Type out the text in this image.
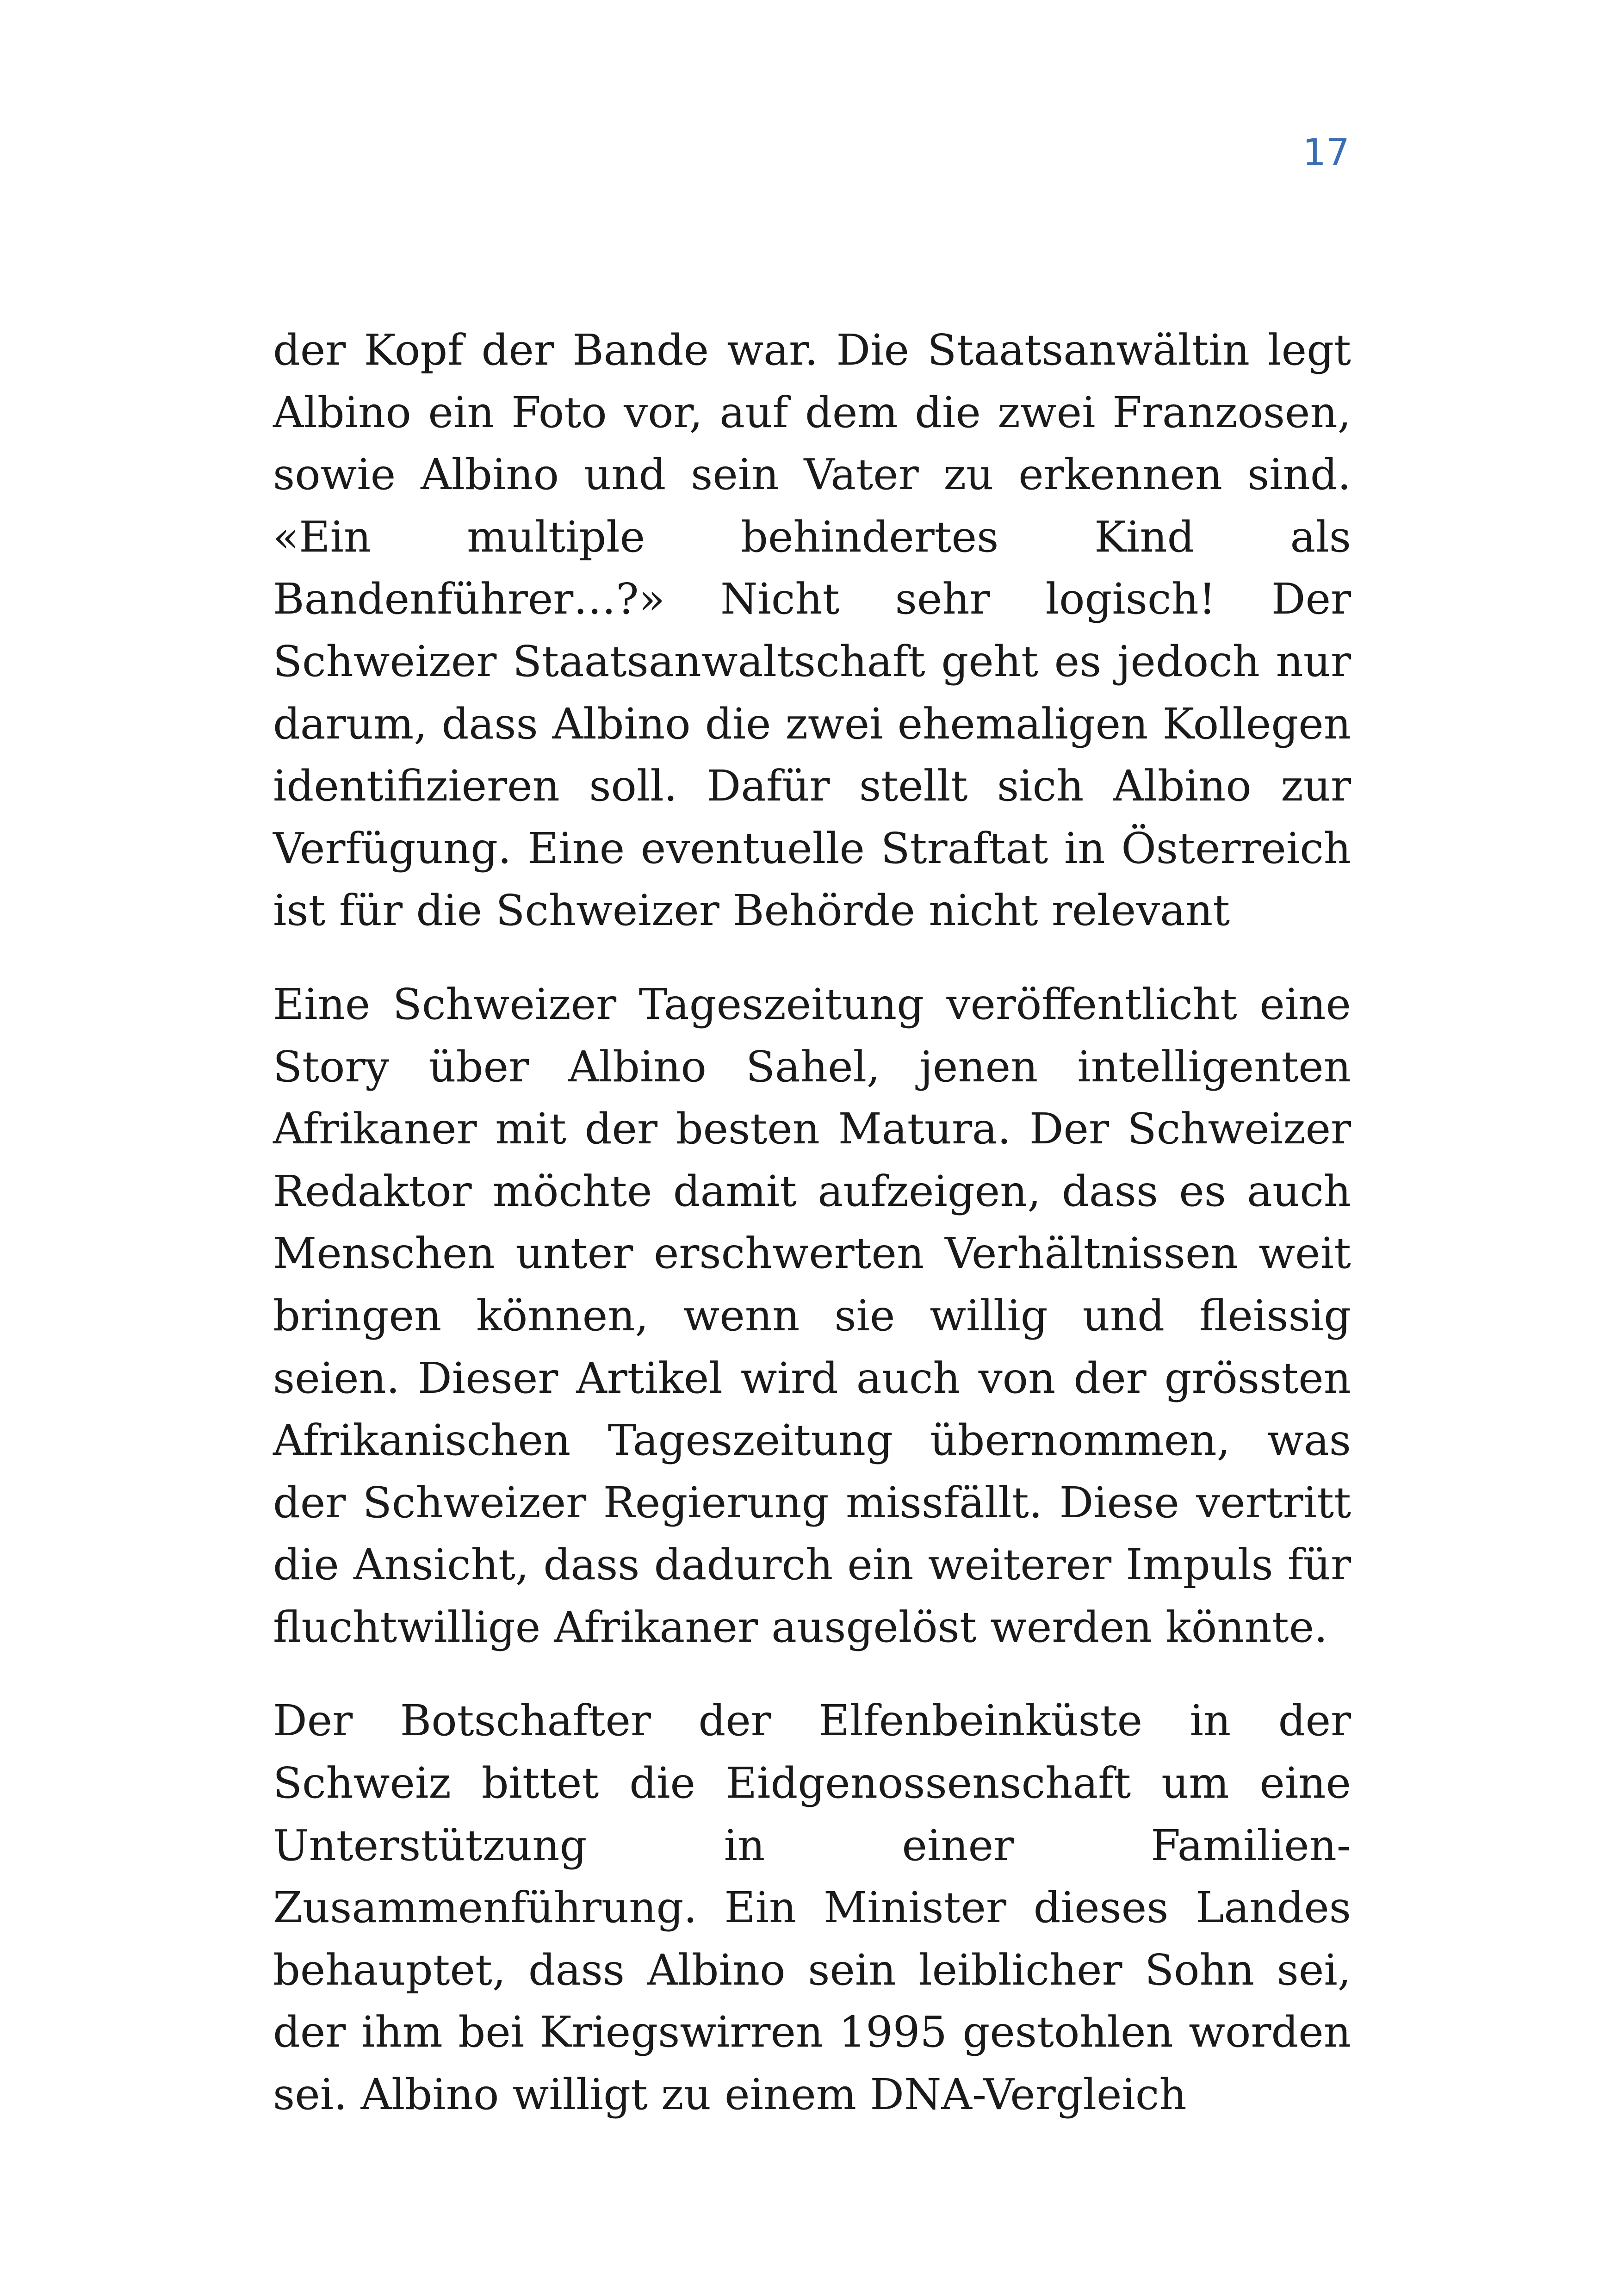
17

der Kopf der Bande war. Die Staatsanwältin legt Albino ein Foto vor, auf dem die zwei Franzosen, sowie Albino und sein Vater zu erkennen sind. «Ein multiple behindertes Kind als Bandenführer…?» Nicht sehr logisch! Der Schweizer Staatsanwaltschaft geht es jedoch nur darum, dass Albino die zwei ehemaligen Kollegen identifizieren soll. Dafür stellt sich Albino zur Verfügung. Eine eventuelle Straftat in Österreich ist für die Schweizer Behörde nicht relevant

Eine Schweizer Tageszeitung veröffentlicht eine Story über Albino Sahel, jenen intelligenten Afrikaner mit der besten Matura. Der Schweizer Redaktor möchte damit aufzeigen, dass es auch Menschen unter erschwerten Verhältnissen weit bringen können, wenn sie willig und fleissig seien. Dieser Artikel wird auch von der grössten Afrikanischen Tageszeitung übernommen, was der Schweizer Regierung missfällt. Diese vertritt die Ansicht, dass dadurch ein weiterer Impuls für fluchtwillige Afrikaner ausgelöst werden könnte.

Der Botschafter der Elfenbeinküste in der Schweiz bittet die Eidgenossenschaft um eine Unterstützung in einer Familien-Zusammenführung. Ein Minister dieses Landes behauptet, dass Albino sein leiblicher Sohn sei, der ihm bei Kriegswirren 1995 gestohlen worden sei. Albino willigt zu einem DNA-Vergleich
